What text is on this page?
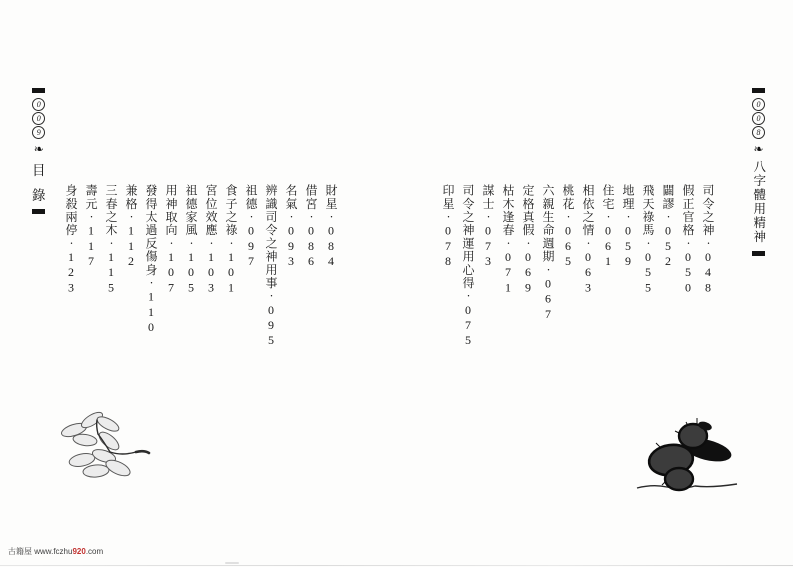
0
0
8
❧
八字體用精神
0
0
9
❧
目
錄	司令之神‧048
假正官格‧050
闢謬‧052
飛天祿馬‧055
地理‧059
住宅‧061
相依之情‧063
桃花‧065
六親生命週期‧067
定格真假‧069
枯木逢春‧071
謀士‧073
司令之神運用心得‧075
印星‧078
財星‧084
借宮‧086
名氣‧093
辨識司令之神用事‧095
祖德‧097
食子之祿‧101
宮位效應‧103
祖德家風‧105
用神取向‧107
發得太過反傷身‧110
兼格‧112
三春之木‧115
壽元‧117
身殺兩停‧123
古籍屋 www.fczhu920.com
